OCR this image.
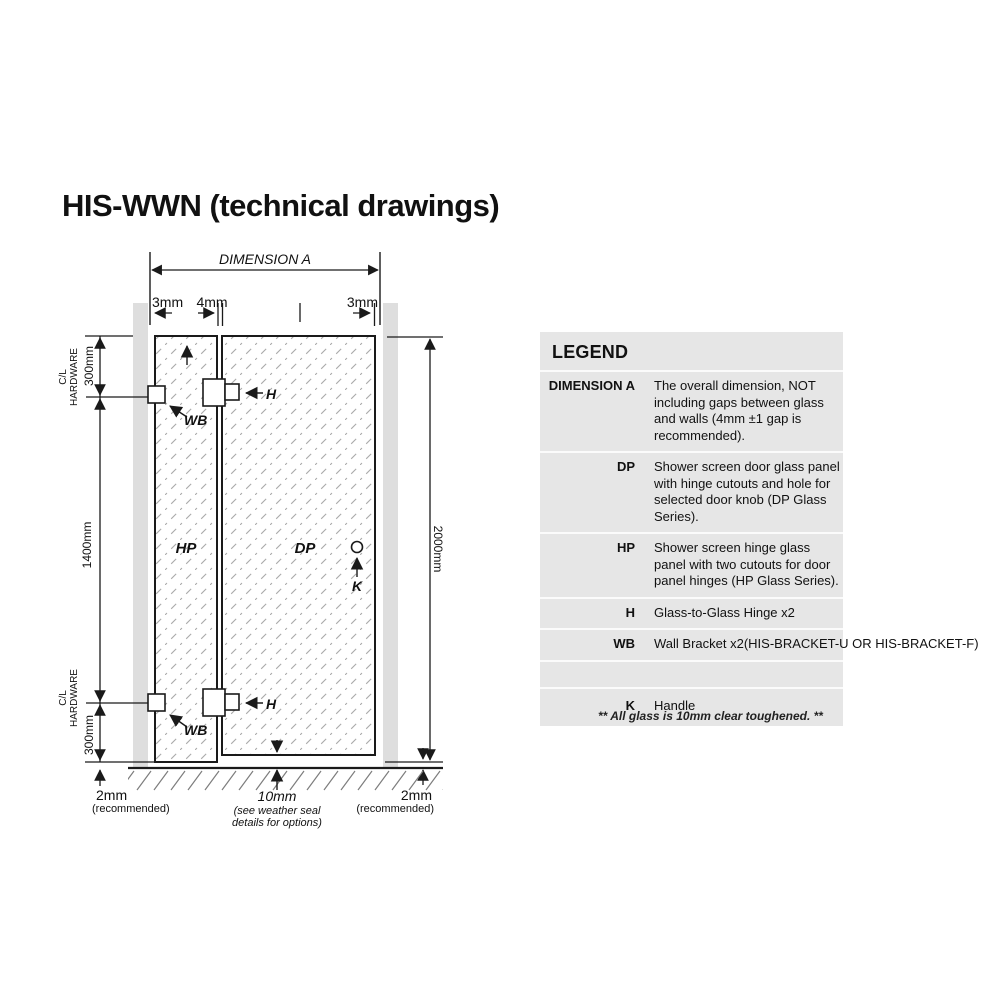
HIS-WWN (technical drawings)
DIMENSION A
3mm 4mm	3mm
300mm
C/L HARDWARE
1400mm
C/L HARDWARE
300mm
2000mm
WB
WB
H
H
HP	DP
K
2mm
(recommended)
10mm
(see weather seal
details for options)
2mm
(recommended)
LEGEND
DIMENSION A The overall dimension, NOT including gaps between glass and walls (4mm ±1 gap is recommended).
DP Shower screen door glass panel with hinge cutouts and hole for selected door knob (DP Glass Series).
HP Shower screen hinge glass panel with two cutouts for door panel hinges (HP Glass Series).
H Glass-to-Glass Hinge x2
WB Wall Bracket x2(HIS-BRACKET-U OR HIS-BRACKET-F)
K Handle
** All glass is 10mm clear toughened. **
